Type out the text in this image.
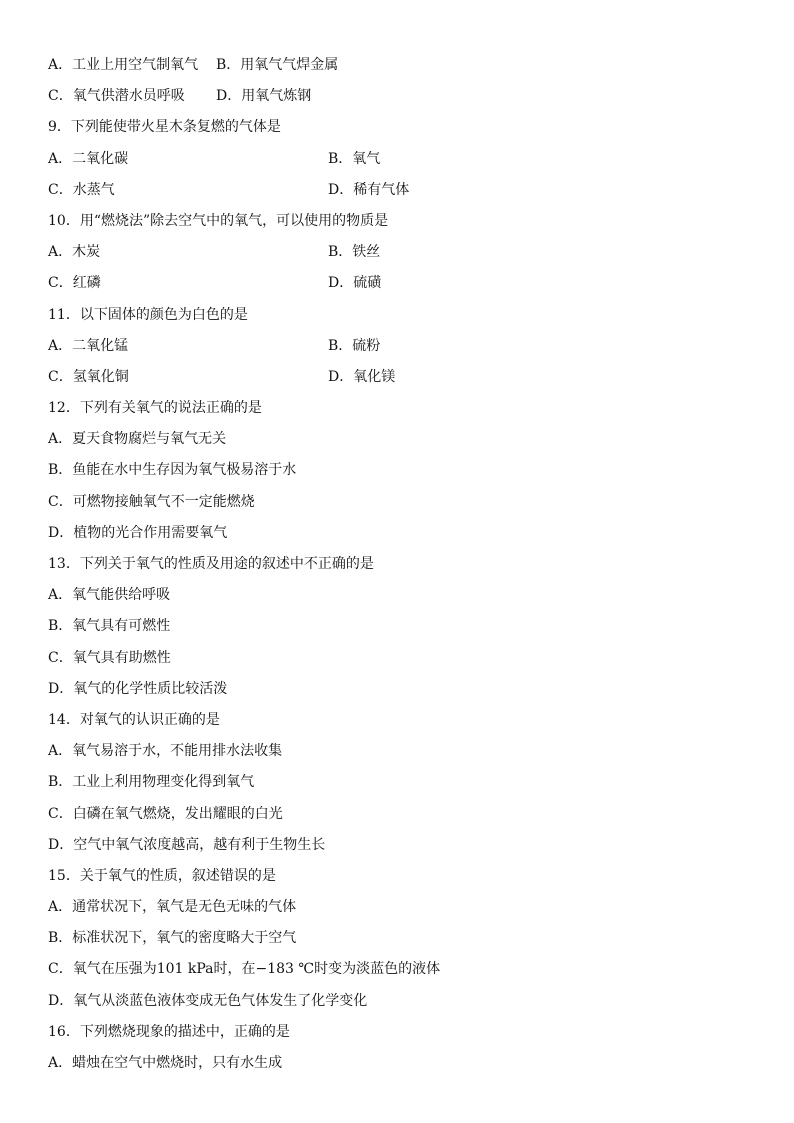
A．工业上用空气制氧气	B．用氧气气焊金属
C．氧气供潜水员呼吸	D．用氧气炼钢
9．下列能使带火星木条复燃的气体是
A．二氧化碳	B．氧气
C．水蒸气	D．稀有气体
10．用“燃烧法”除去空气中的氧气，可以使用的物质是
A．木炭	B．铁丝
C．红磷	D．硫磺
11．以下固体的颜色为白色的是
A．二氧化锰	B．硫粉
C．氢氧化铜	D．氧化镁
12．下列有关氧气的说法正确的是
A．夏天食物腐烂与氧气无关
B．鱼能在水中生存因为氧气极易溶于水
C．可燃物接触氧气不一定能燃烧
D．植物的光合作用需要氧气
13．下列关于氧气的性质及用途的叙述中不正确的是
A．氧气能供给呼吸
B．氧气具有可燃性
C．氧气具有助燃性
D．氧气的化学性质比较活泼
14．对氧气的认识正确的是
A．氧气易溶于水，不能用排水法收集
B．工业上利用物理变化得到氧气
C．白磷在氧气燃烧，发出耀眼的白光
D．空气中氧气浓度越高，越有利于生物生长
15．关于氧气的性质，叙述错误的是
A．通常状况下，氧气是无色无味的气体
B．标准状况下，氧气的密度略大于空气
C．氧气在压强为101 kPa时，在−183 ℃时变为淡蓝色的液体
D．氧气从淡蓝色液体变成无色气体发生了化学变化
16．下列燃烧现象的描述中，正确的是
A．蜡烛在空气中燃烧时，只有水生成
